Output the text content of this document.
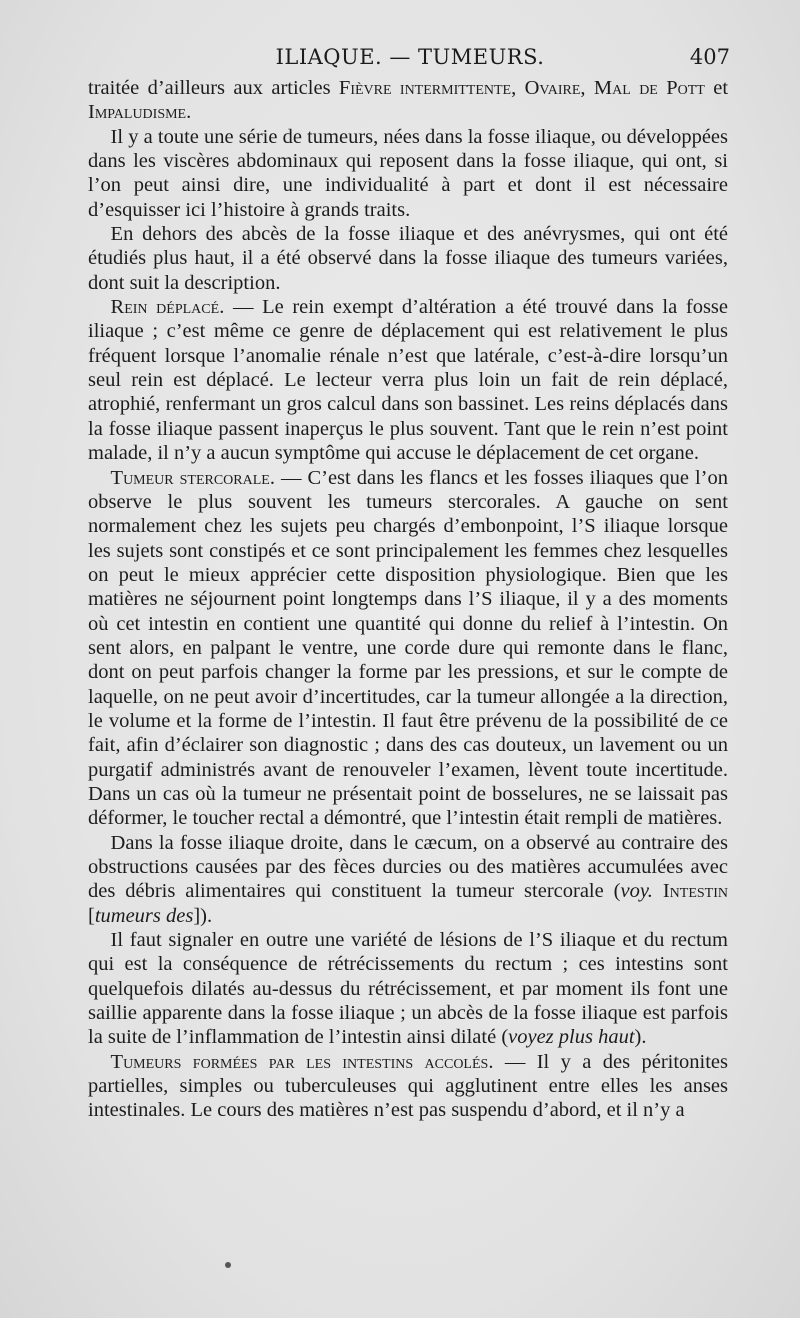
ILIAQUE. — TUMEURS.	407

traitée d’ailleurs aux articles Fièvre intermittente, Ovaire, Mal de Pott et Impaludisme.

Il y a toute une série de tumeurs, nées dans la fosse iliaque, ou développées dans les viscères abdominaux qui reposent dans la fosse iliaque, qui ont, si l’on peut ainsi dire, une individualité à part et dont il est nécessaire d’esquisser ici l’histoire à grands traits.

En dehors des abcès de la fosse iliaque et des anévrysmes, qui ont été étudiés plus haut, il a été observé dans la fosse iliaque des tumeurs variées, dont suit la description.

Rein déplacé. — Le rein exempt d’altération a été trouvé dans la fosse iliaque ; c’est même ce genre de déplacement qui est relativement le plus fréquent lorsque l’anomalie rénale n’est que latérale, c’est-à-dire lorsqu’un seul rein est déplacé. Le lecteur verra plus loin un fait de rein déplacé, atrophié, renfermant un gros calcul dans son bassinet. Les reins déplacés dans la fosse iliaque passent inaperçus le plus souvent. Tant que le rein n’est point malade, il n’y a aucun symptôme qui accuse le déplacement de cet organe.

Tumeur stercorale. — C’est dans les flancs et les fosses iliaques que l’on observe le plus souvent les tumeurs stercorales. A gauche on sent normalement chez les sujets peu chargés d’embonpoint, l’S iliaque lorsque les sujets sont constipés et ce sont principalement les femmes chez lesquelles on peut le mieux apprécier cette disposition physiologique. Bien que les matières ne séjournent point longtemps dans l’S iliaque, il y a des moments où cet intestin en contient une quantité qui donne du relief à l’intestin. On sent alors, en palpant le ventre, une corde dure qui remonte dans le flanc, dont on peut parfois changer la forme par les pressions, et sur le compte de laquelle, on ne peut avoir d’incertitudes, car la tumeur allongée a la direction, le volume et la forme de l’intestin. Il faut être prévenu de la possibilité de ce fait, afin d’éclairer son diagnostic ; dans des cas douteux, un lavement ou un purgatif administrés avant de renouveler l’examen, lèvent toute incertitude. Dans un cas où la tumeur ne présentait point de bosselures, ne se laissait pas déformer, le toucher rectal a démontré, que l’intestin était rempli de matières.

Dans la fosse iliaque droite, dans le cæcum, on a observé au contraire des obstructions causées par des fèces durcies ou des matières accumulées avec des débris alimentaires qui constituent la tumeur stercorale (voy. Intestin [tumeurs des]).

Il faut signaler en outre une variété de lésions de l’S iliaque et du rectum qui est la conséquence de rétrécissements du rectum ; ces intestins sont quelquefois dilatés au-dessus du rétrécissement, et par moment ils font une saillie apparente dans la fosse iliaque ; un abcès de la fosse iliaque est parfois la suite de l’inflammation de l’intestin ainsi dilaté (voyez plus haut).

Tumeurs formées par les intestins accolés. — Il y a des péritonites partielles, simples ou tuberculeuses qui agglutinent entre elles les anses intestinales. Le cours des matières n’est pas suspendu d’abord, et il n’y a
